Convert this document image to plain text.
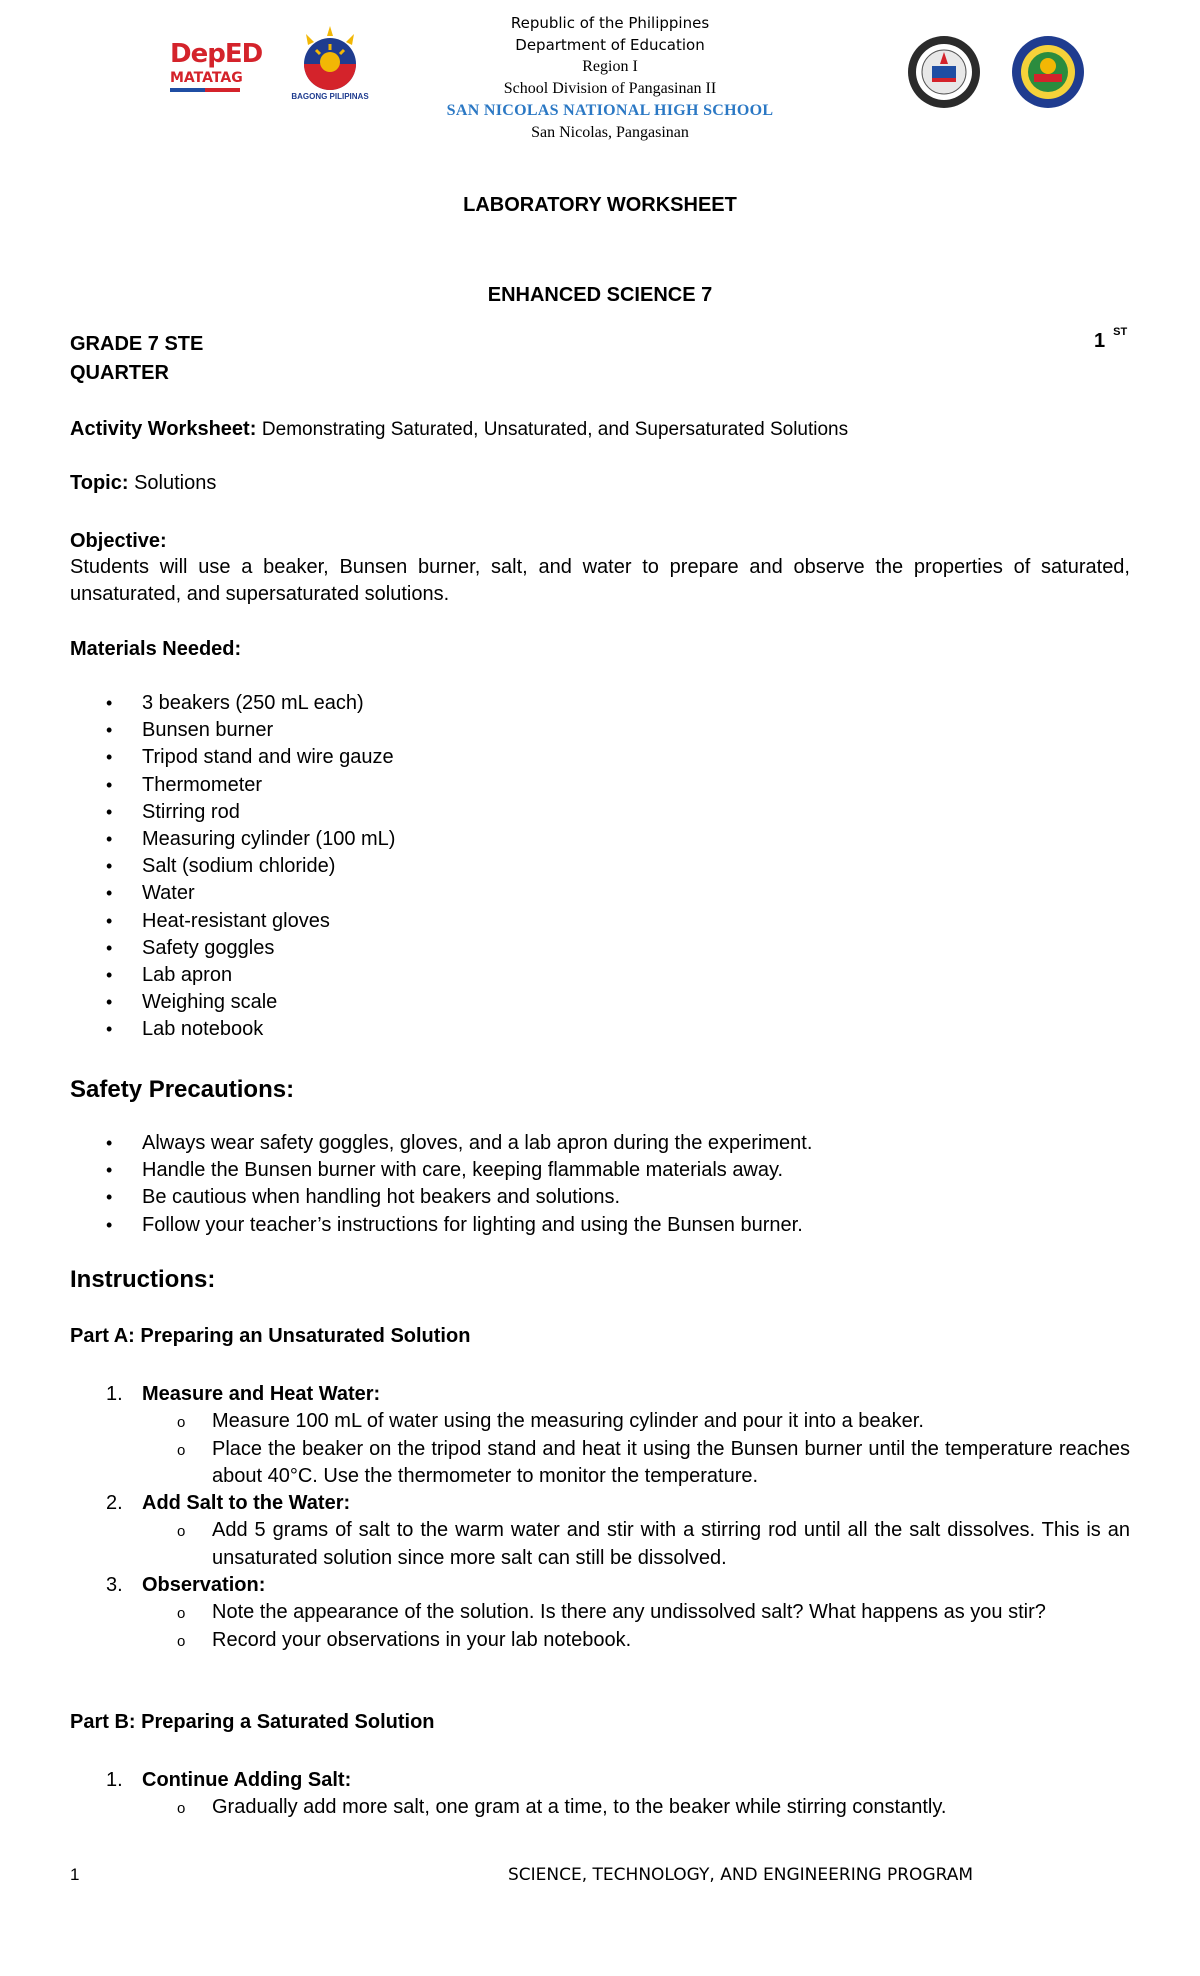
DepED
MATATAG
BAGONG PILIPINAS
Republic of the Philippines
Department of Education
Region I
School Division of Pangasinan II
SAN NICOLAS NATIONAL HIGH SCHOOL
San Nicolas, Pangasinan
LABORATORY WORKSHEET
ENHANCED SCIENCE 7
GRADE 7 STE
QUARTER
1 $^{ST}$
Activity Worksheet: Demonstrating Saturated, Unsaturated, and Supersaturated Solutions
Topic: Solutions
Objective:
Students will use a beaker, Bunsen burner, salt, and water to prepare and observe the properties of saturated, unsaturated, and supersaturated solutions.
Materials Needed:
• 3 beakers (250 mL each)
• Bunsen burner
• Tripod stand and wire gauze
• Thermometer
• Stirring rod
• Measuring cylinder (100 mL)
• Salt (sodium chloride)
• Water
• Heat-resistant gloves
• Safety goggles
• Lab apron
• Weighing scale
• Lab notebook
Safety Precautions:
• Always wear safety goggles, gloves, and a lab apron during the experiment.
• Handle the Bunsen burner with care, keeping flammable materials away.
• Be cautious when handling hot beakers and solutions.
• Follow your teacher’s instructions for lighting and using the Bunsen burner.
Instructions:
Part A: Preparing an Unsaturated Solution
1. Measure and Heat Water:
o Measure 100 mL of water using the measuring cylinder and pour it into a beaker.
o Place the beaker on the tripod stand and heat it using the Bunsen burner until the temperature reaches about 40°C. Use the thermometer to monitor the temperature.
2. Add Salt to the Water:
o Add 5 grams of salt to the warm water and stir with a stirring rod until all the salt dissolves. This is an unsaturated solution since more salt can still be dissolved.
3. Observation:
o Note the appearance of the solution. Is there any undissolved salt? What happens as you stir?
o Record your observations in your lab notebook.
Part B: Preparing a Saturated Solution
1. Continue Adding Salt:
o Gradually add more salt, one gram at a time, to the beaker while stirring constantly.
1	SCIENCE, TECHNOLOGY, AND ENGINEERING PROGRAM
